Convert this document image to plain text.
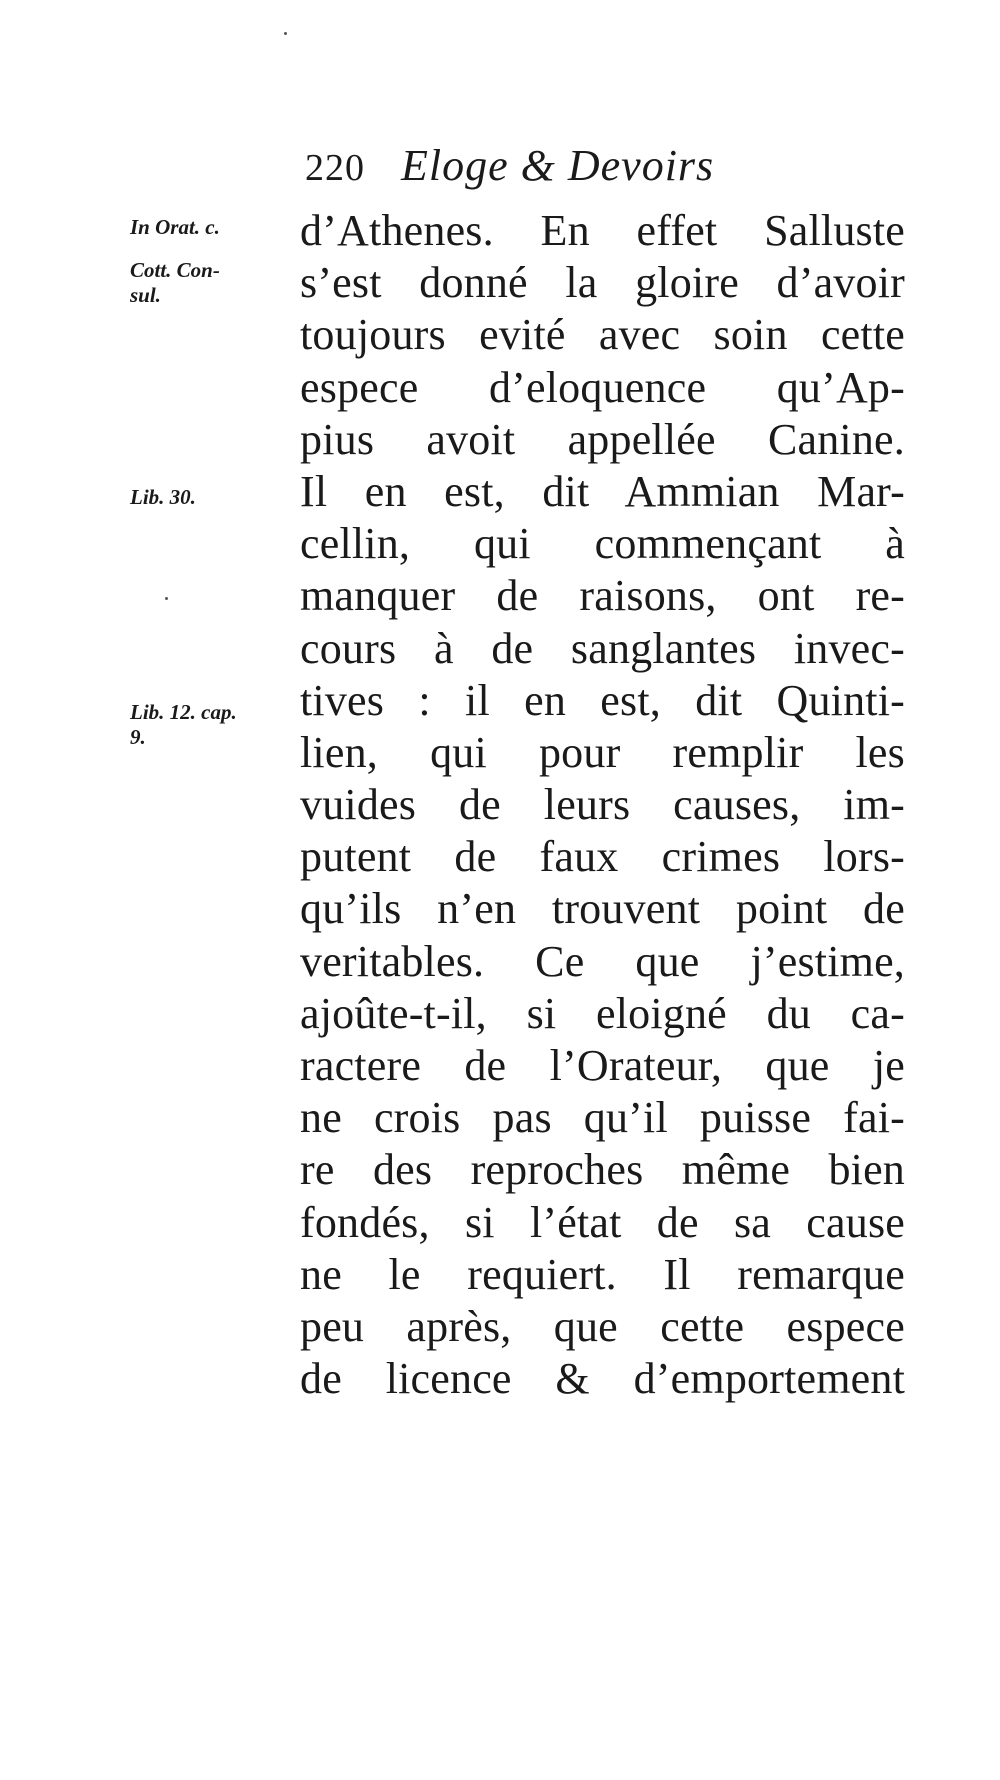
220 Eloge & Devoirs
In Orat. c.
Cott. Con-
sul.
Lib. 30.
Lib. 12. cap.
9.
d’Athenes. En effet Salluste
s’est donné la gloire d’avoir
toujours evité avec soin cette
espece d’eloquence qu’Ap-
pius avoit appellée Canine.
Il en est, dit Ammian Mar-
cellin, qui commençant à
manquer de raisons, ont re-
cours à de sanglantes invec-
tives : il en est, dit Quinti-
lien, qui pour remplir les
vuides de leurs causes, im-
putent de faux crimes lors-
qu’ils n’en trouvent point de
veritables. Ce que j’estime,
ajoûte-t-il, si eloigné du ca-
ractere de l’Orateur, que je
ne crois pas qu’il puisse fai-
re des reproches même bien
fondés, si l’état de sa cause
ne le requiert. Il remarque
peu après, que cette espece
de licence & d’emportement
